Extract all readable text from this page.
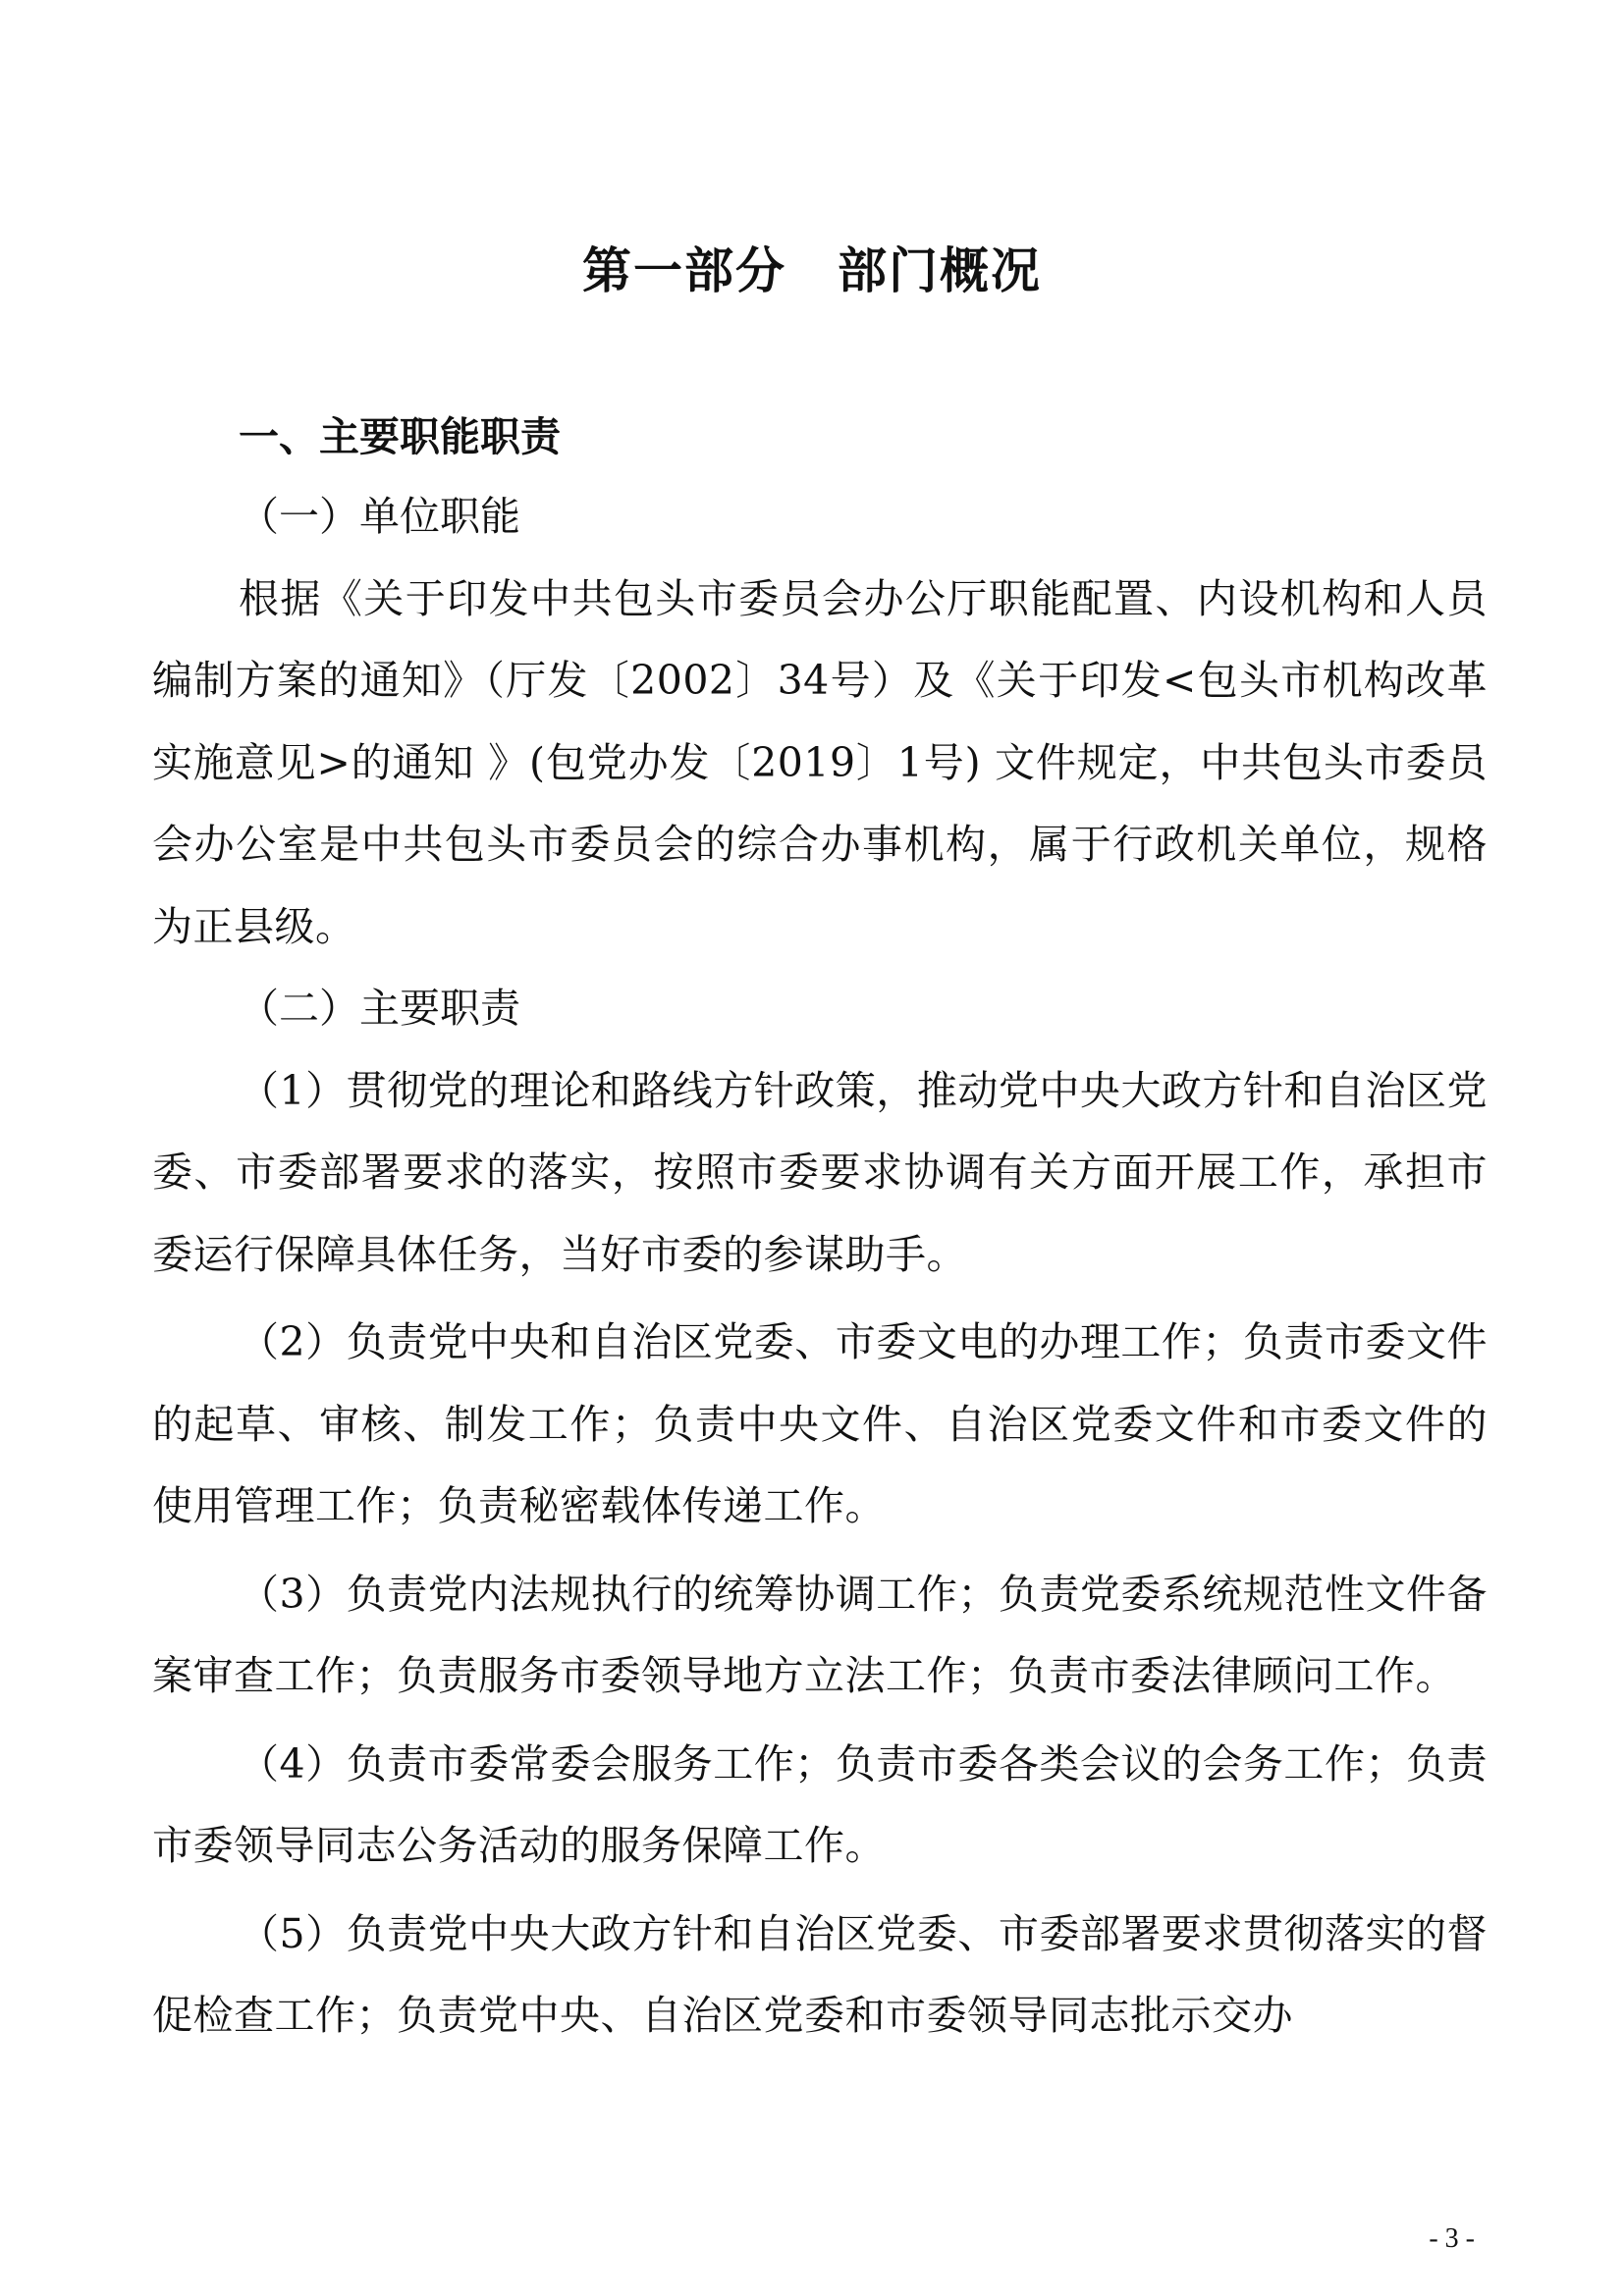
第一部分　部门概况
一、主要职能职责

（一）单位职能

根据《关于印发中共包头市委员会办公厅职能配置、内设机构和人员编制方案的通知》（厅发〔2002〕34号）及《关于印发<包头市机构改革实施意见>的通知 》(包党办发〔2019〕1号) 文件规定，中共包头市委员会办公室是中共包头市委员会的综合办事机构，属于行政机关单位，规格为正县级。

（二）主要职责

（1）贯彻党的理论和路线方针政策，推动党中央大政方针和自治区党委、市委部署要求的落实，按照市委要求协调有关方面开展工作，承担市委运行保障具体任务，当好市委的参谋助手。

（2）负责党中央和自治区党委、市委文电的办理工作；负责市委文件的起草、审核、制发工作；负责中央文件、自治区党委文件和市委文件的使用管理工作；负责秘密载体传递工作。

（3）负责党内法规执行的统筹协调工作；负责党委系统规范性文件备案审查工作；负责服务市委领导地方立法工作；负责市委法律顾问工作。

（4）负责市委常委会服务工作；负责市委各类会议的会务工作；负责市委领导同志公务活动的服务保障工作。

（5）负责党中央大政方针和自治区党委、市委部署要求贯彻落实的督促检查工作；负责党中央、自治区党委和市委领导同志批示交办

- 3 -
